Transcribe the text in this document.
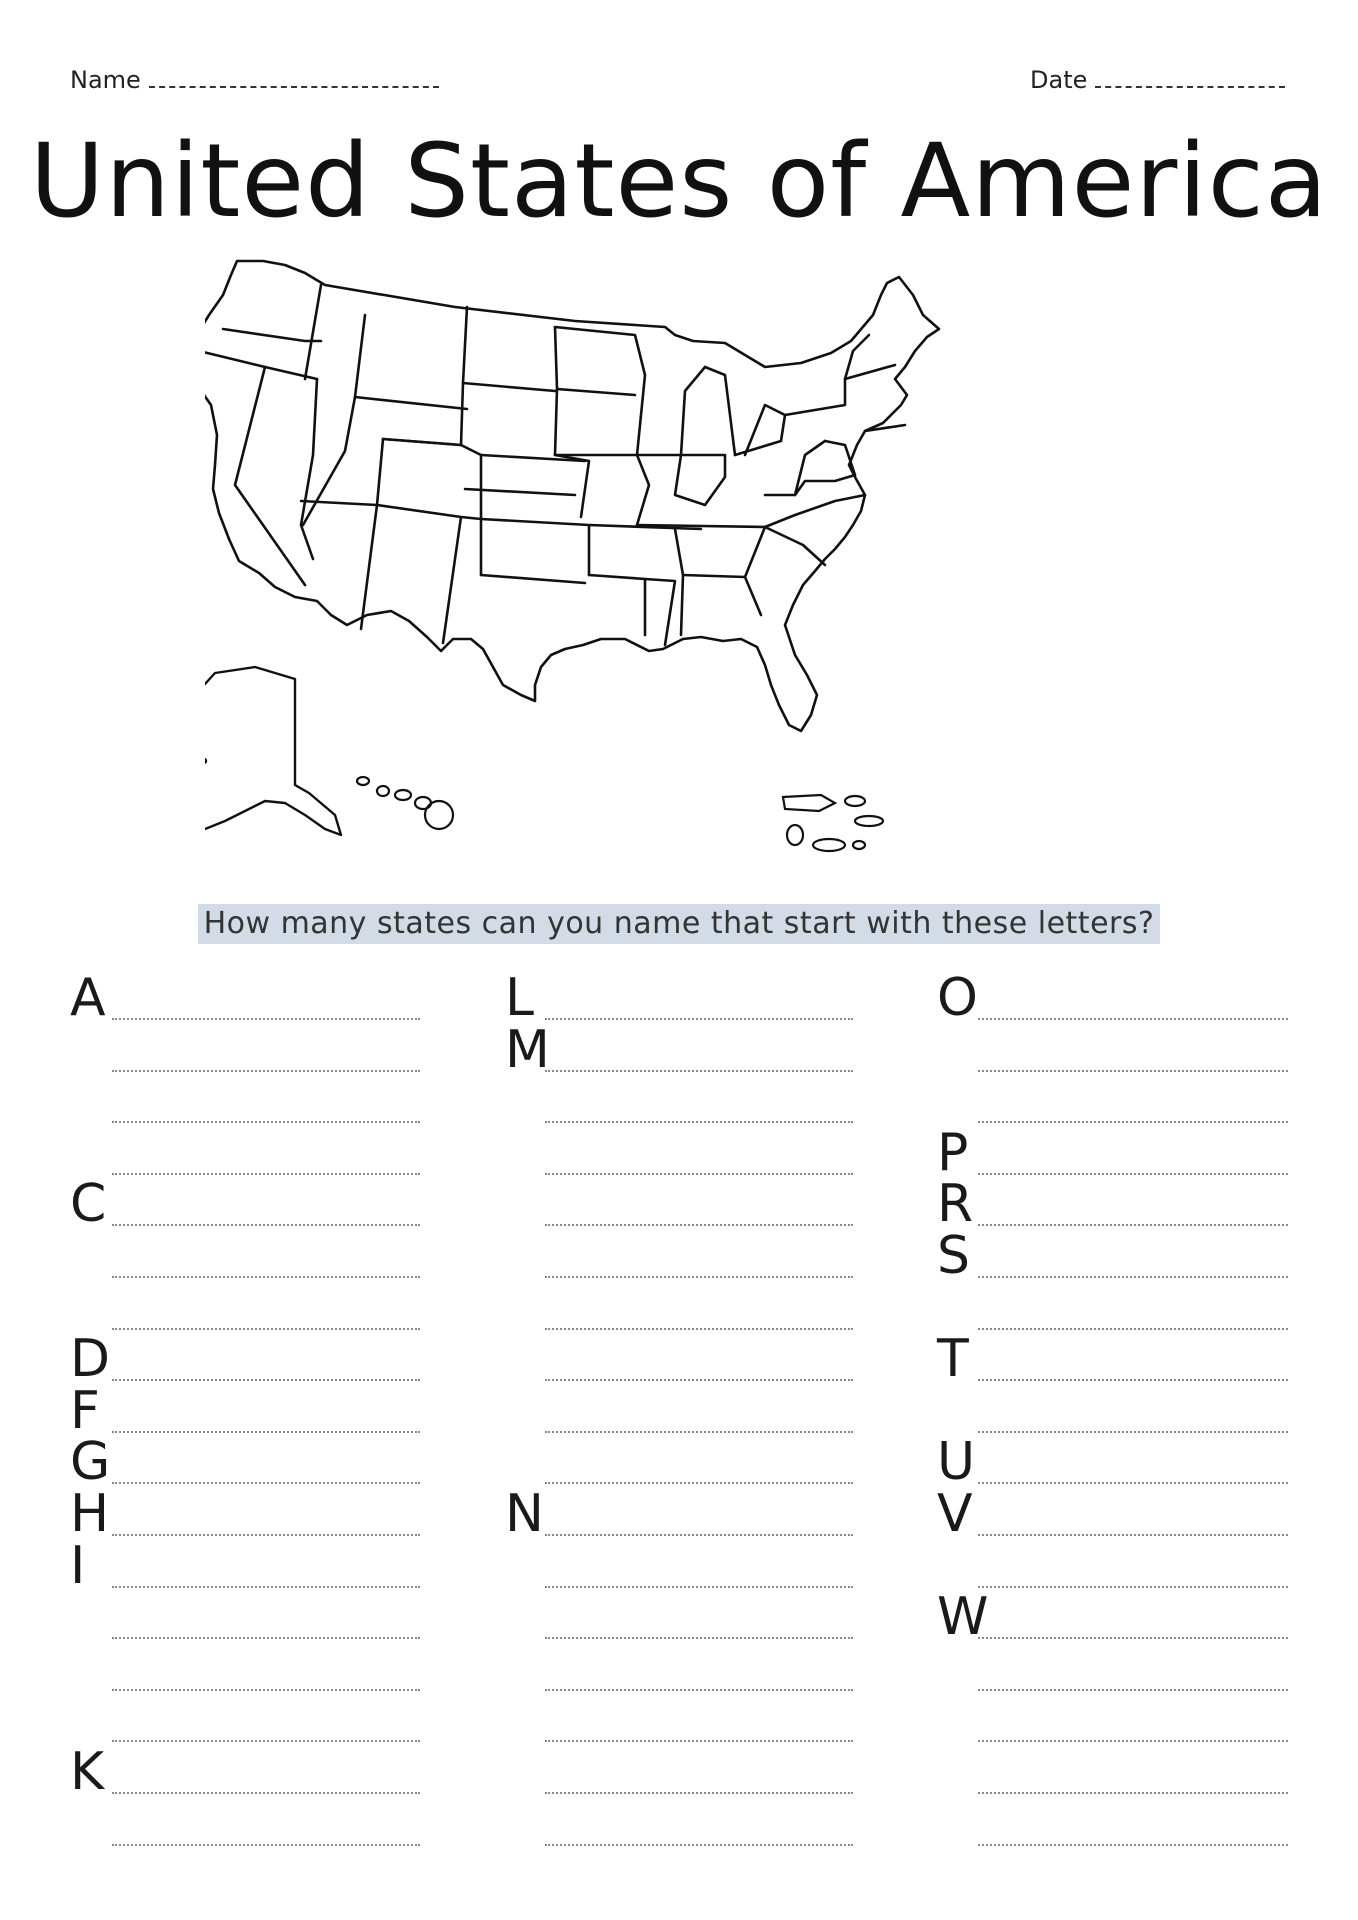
Name	Date
United States of America
How many states can you name that start with these letters?
A
C
D
F
G
H
I
K
L
M
N
O
P
R
S
T
U
V
W
